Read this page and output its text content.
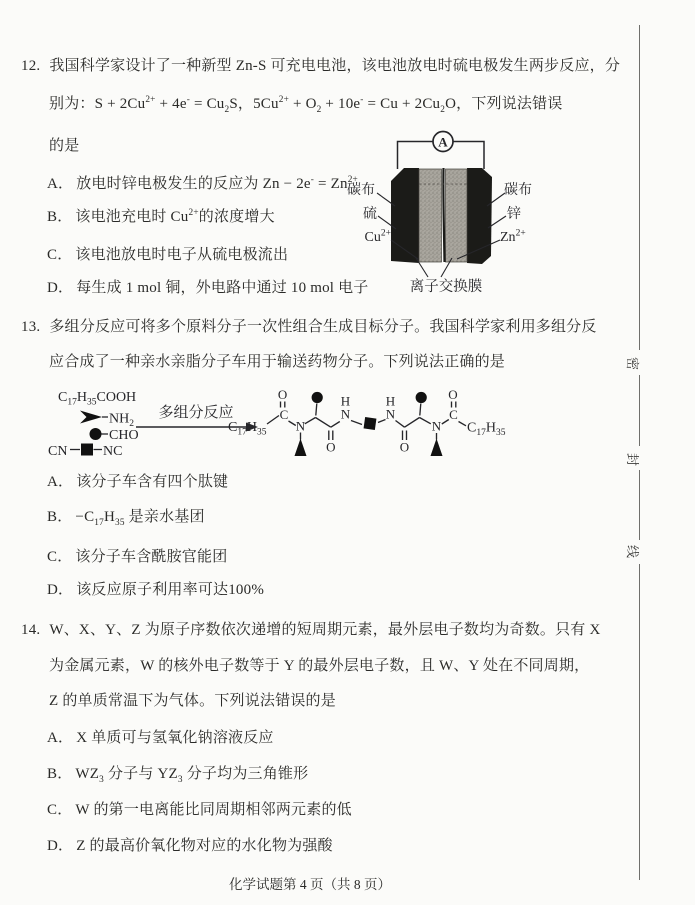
12. 我国科学家设计了一种新型 Zn-S 可充电电池，该电池放电时硫电极发生两步反应，分
别为：$S + 2Cu^{2+} + 4e^- = Cu_2S$，$5Cu^{2+} + O_2 + 10e^- = Cu + 2Cu_2O$，下列说法错误
的是
A． 放电时锌电极发生的反应为 $Zn - 2e^- = Zn^{2+}$
B． 该电池充电时 $Cu^{2+}$的浓度增大
C． 该电池放电时电子从硫电极流出
D． 每生成 1 mol 铜，外电路中通过 10 mol 电子
A
碳布
硫
$Cu^{2+}$
碳布
锌
$Zn^{2+}$
离子交换膜
13. 多组分反应可将多个原料分子一次性组合生成目标分子。我国科学家利用多组分反
应合成了一种亲水亲脂分子车用于输送药物分子。下列说法正确的是
$C_{17}H_{35}COOH$
$NH_2$
CHO
CN	NC
多组分反应
$C_{17}H_{35}$
C
O
N
O
N
H
N
H
O
N
C
O
$C_{17}H_{35}$
A． 该分子车含有四个肽键
B． $-C_{17}H_{35}$ 是亲水基团
C． 该分子车含酰胺官能团
D． 该反应原子利用率可达100%
14. W、X、Y、Z 为原子序数依次递增的短周期元素，最外层电子数均为奇数。只有 X
为金属元素，W 的核外电子数等于 Y 的最外层电子数，且 W、Y 处在不同周期，
Z 的单质常温下为气体。下列说法错误的是
A． X 单质可与氢氧化钠溶液反应
B． $WZ_3$ 分子与 $YZ_3$ 分子均为三角锥形
C． W 的第一电离能比同周期相邻两元素的低
D． Z 的最高价氧化物对应的水化物为强酸
化学试题第 4 页（共 8 页）
密
封
线
